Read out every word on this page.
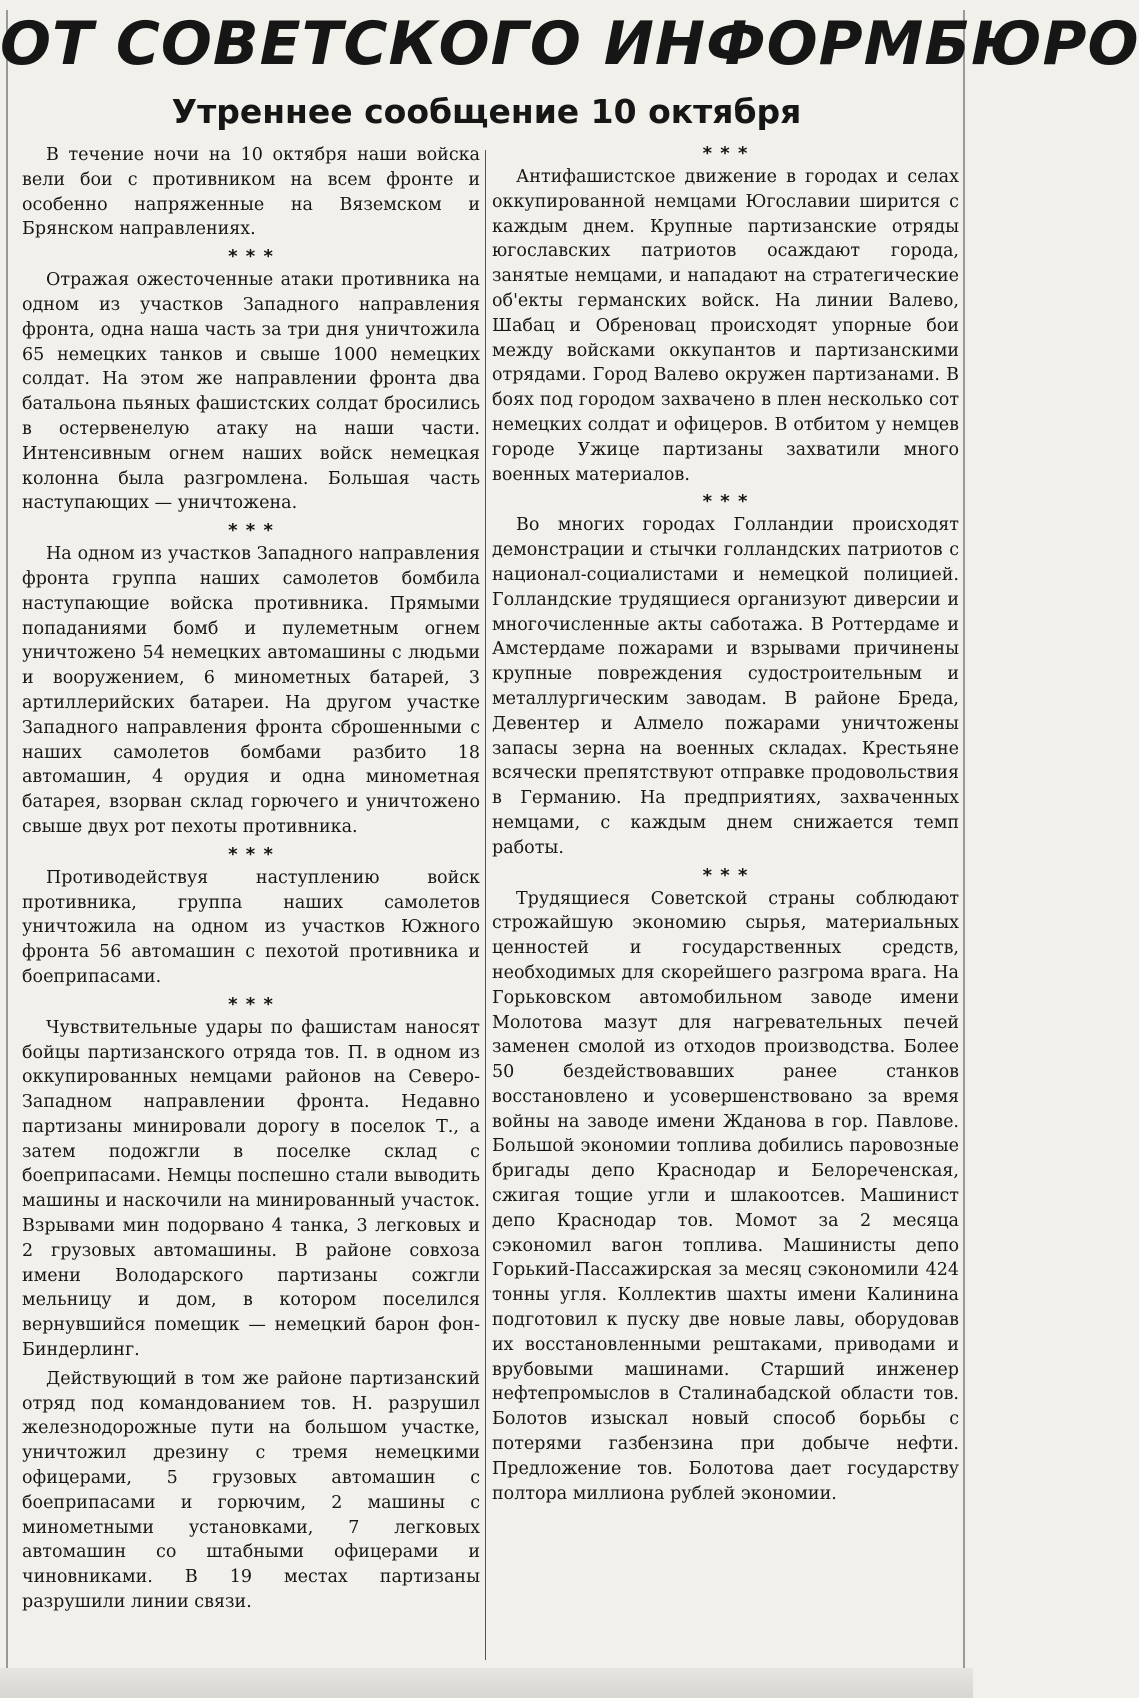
ОТ СОВЕТСКОГО ИНФОРМБЮРО
Утреннее сообщение 10 октября

В течение ночи на 10 октября наши войска вели бои с противником на всем фронте и особенно напряженные на Вяземском и Брянском направлениях.

* * *

Отражая ожесточенные атаки противника на одном из участков Западного направления фронта, одна наша часть за три дня уничтожила 65 немецких танков и свыше 1000 немецких солдат. На этом же направлении фронта два батальона пьяных фашистских солдат бросились в остервенелую атаку на наши части. Интенсивным огнем наших войск немецкая колонна была разгромлена. Большая часть наступающих — уничтожена.

* * *

На одном из участков Западного направления фронта группа наших самолетов бомбила наступающие войска противника. Прямыми попаданиями бомб и пулеметным огнем уничтожено 54 немецких автомашины с людьми и вооружением, 6 минометных батарей, 3 артиллерийских батареи. На другом участке Западного направления фронта сброшенными с наших самолетов бомбами разбито 18 автомашин, 4 орудия и одна минометная батарея, взорван склад горючего и уничтожено свыше двух рот пехоты противника.

* * *

Противодействуя наступлению войск противника, группа наших самолетов уничтожила на одном из участков Южного фронта 56 автомашин с пехотой противника и боеприпасами.

* * *

Чувствительные удары по фашистам наносят бойцы партизанского отряда тов. П. в одном из оккупированных немцами районов на Северо-Западном направлении фронта. Недавно партизаны минировали дорогу в поселок Т., а затем подожгли в поселке склад с боеприпасами. Немцы поспешно стали выводить машины и наскочили на минированный участок. Взрывами мин подорвано 4 танка, 3 легковых и 2 грузовых автомашины. В районе совхоза имени Володарского партизаны сожгли мельницу и дом, в котором поселился вернувшийся помещик — немецкий барон фон-Биндерлинг.

Действующий в том же районе партизанский отряд под командованием тов. Н. разрушил железнодорожные пути на большом участке, уничтожил дрезину с тремя немецкими офицерами, 5 грузовых автомашин с боеприпасами и горючим, 2 машины с минометными установками, 7 легковых автомашин со штабными офицерами и чиновниками. В 19 местах партизаны разрушили линии связи.

* * *

Антифашистское движение в городах и селах оккупированной немцами Югославии ширится с каждым днем. Крупные партизанские отряды югославских патриотов осаждают города, занятые немцами, и нападают на стратегические об'екты германских войск. На линии Валево, Шабац и Обреновац происходят упорные бои между войсками оккупантов и партизанскими отрядами. Город Валево окружен партизанами. В боях под городом захвачено в плен несколько сот немецких солдат и офицеров. В отбитом у немцев городе Ужице партизаны захватили много военных материалов.

* * *

Во многих городах Голландии происходят демонстрации и стычки голландских патриотов с национал-социалистами и немецкой полицией. Голландские трудящиеся организуют диверсии и многочисленные акты саботажа. В Роттердаме и Амстердаме пожарами и взрывами причинены крупные повреждения судостроительным и металлургическим заводам. В районе Бреда, Девентер и Алмело пожарами уничтожены запасы зерна на военных складах. Крестьяне всячески препятствуют отправке продовольствия в Германию. На предприятиях, захваченных немцами, с каждым днем снижается темп работы.

* * *

Трудящиеся Советской страны соблюдают строжайшую экономию сырья, материальных ценностей и государственных средств, необходимых для скорейшего разгрома врага. На Горьковском автомобильном заводе имени Молотова мазут для нагревательных печей заменен смолой из отходов производства. Более 50 бездействовавших ранее станков восстановлено и усовершенствовано за время войны на заводе имени Жданова в гор. Павлове. Большой экономии топлива добились паровозные бригады депо Краснодар и Белореченская, сжигая тощие угли и шлакоотсев. Машинист депо Краснодар тов. Момот за 2 месяца сэкономил вагон топлива. Машинисты депо Горький-Пассажирская за месяц сэкономили 424 тонны угля. Коллектив шахты имени Калинина подготовил к пуску две новые лавы, оборудовав их восстановленными рештаками, приводами и врубовыми машинами. Старший инженер нефтепромыслов в Сталинабадской области тов. Болотов изыскал новый способ борьбы с потерями газбензина при добыче нефти. Предложение тов. Болотова дает государству полтора миллиона рублей экономии.
